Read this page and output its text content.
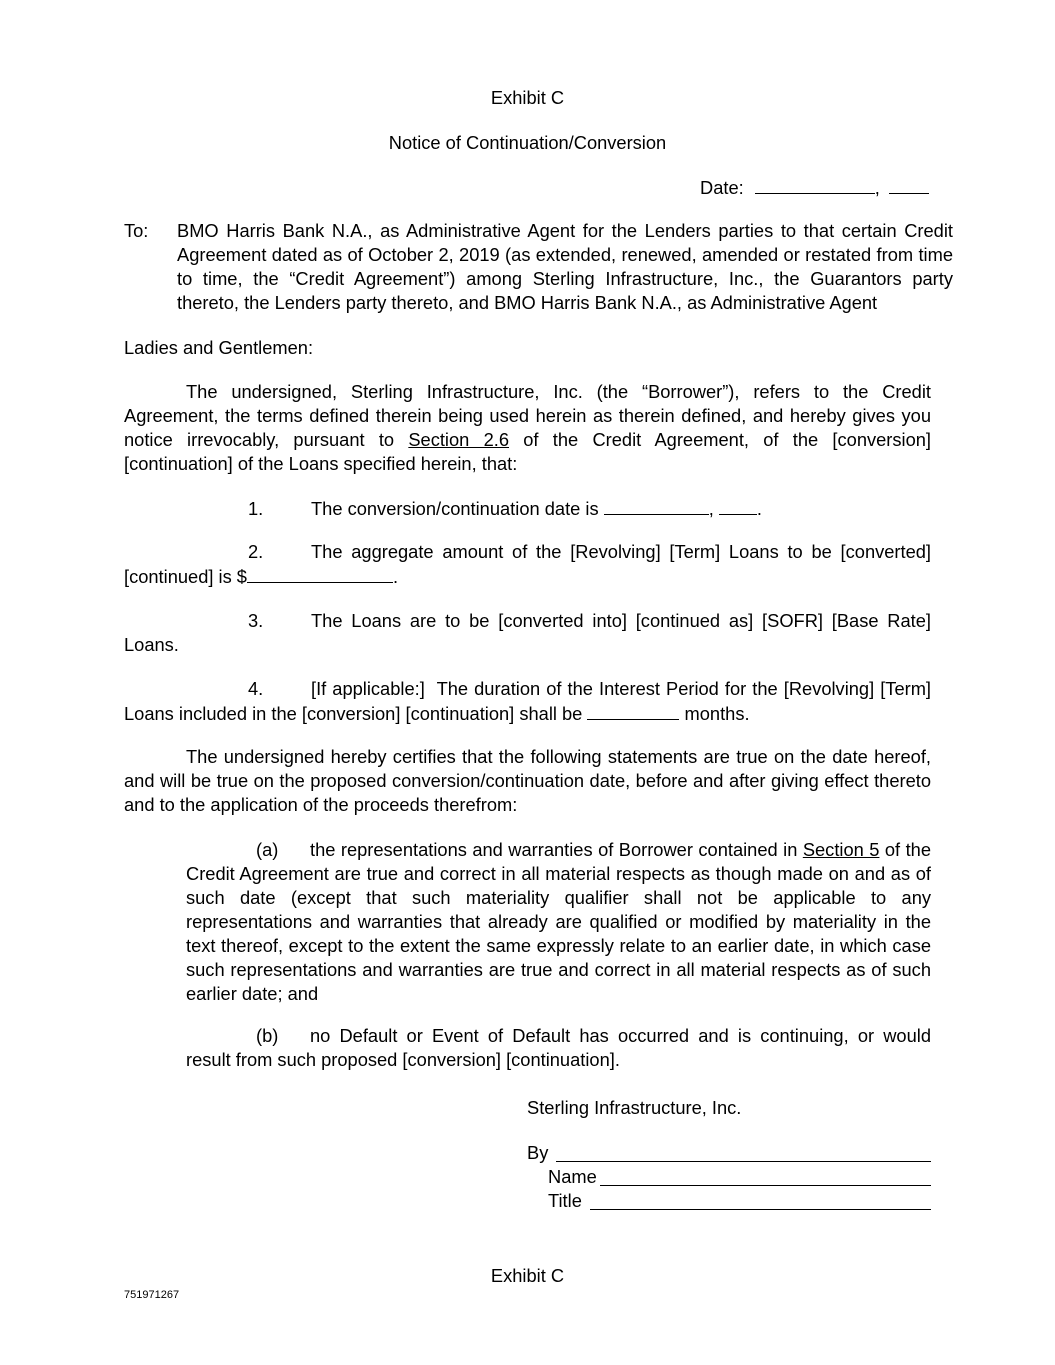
Exhibit C
Notice of Continuation/Conversion
Date:	,
To: BMO Harris Bank N.A., as Administrative Agent for the Lenders parties to that certain Credit Agreement dated as of October 2, 2019 (as extended, renewed, amended or restated from time to time, the “Credit Agreement”) among Sterling Infrastructure, Inc., the Guarantors party thereto, the Lenders party thereto, and BMO Harris Bank N.A., as Administrative Agent

Ladies and Gentlemen:

The undersigned, Sterling Infrastructure, Inc. (the “Borrower”), refers to the Credit Agreement, the terms defined therein being used herein as therein defined, and hereby gives you notice irrevocably, pursuant to Section 2.6 of the Credit Agreement, of the [conversion] [continuation] of the Loans specified herein, that:

1.	The conversion/continuation date is	, .

2.	The aggregate amount of the [Revolving] [Term] Loans to be [converted] [continued] is $	.

3.	The Loans are to be [converted into] [continued as] [SOFR] [Base Rate] Loans.

4.	[If applicable:] The duration of the Interest Period for the [Revolving] [Term] Loans included in the [conversion] [continuation] shall be	months.

The undersigned hereby certifies that the following statements are true on the date hereof, and will be true on the proposed conversion/continuation date, before and after giving effect thereto and to the application of the proceeds therefrom:

(a) the representations and warranties of Borrower contained in Section 5 of the Credit Agreement are true and correct in all material respects as though made on and as of such date (except that such materiality qualifier shall not be applicable to any representations and warranties that already are qualified or modified by materiality in the text thereof, except to the extent the same expressly relate to an earlier date, in which case such representations and warranties are true and correct in all material respects as of such earlier date; and

(b) no Default or Event of Default has occurred and is continuing, or would result from such proposed [conversion] [continuation].

Sterling Infrastructure, Inc.
By
Name
Title
Exhibit C
751971267
